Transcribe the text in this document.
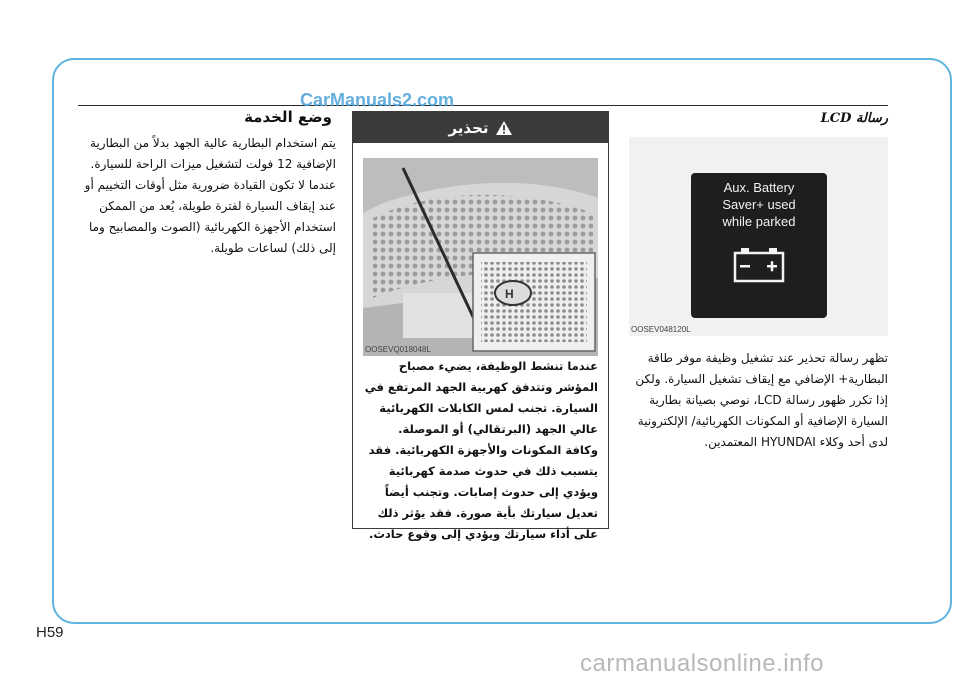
CarManuals2.com
وضع الخدمة

يتم استخدام البطارية عالية الجهد بدلاً من البطارية الإضافية 12 فولت لتشغيل ميزات الراحة للسيارة. عندما لا تكون القيادة ضرورية مثل أوقات التخييم أو عند إيقاف السيارة لفترة طويلة، يُعد من الممكن استخدام الأجهزة الكهربائية (الصوت والمصابيح وما إلى ذلك) لساعات طويلة.

تحذير
H
OOSEVQ018048L

عندما تنشط الوظيفة، يضيء مصباح المؤشر وتتدفق كهربية الجهد المرتفع في السيارة. تجنب لمس الكابلات الكهربائية عالي الجهد (البرتقالي) أو الموصلة. وكافة المكونات والأجهزة الكهربائية. فقد يتسبب ذلك في حدوث صدمة كهربائية ويؤدي إلى حدوث إصابات. وتجنب أيضاً تعديل سيارتك بأية صورة. فقد يؤثر ذلك على أداء سيارتك ويؤدي إلى وقوع حادث.

رسالة LCD
Aux. Battery
Saver+ used
while parked
OOSEV048120L

تظهر رسالة تحذير عند تشغيل وظيفة موفر طاقة البطارية+ الإضافي مع إيقاف تشغيل السيارة. ولكن إذا تكرر ظهور رسالة LCD، نوصي بصيانة بطارية السيارة الإضافية أو المكونات الكهربائية/ الإلكترونية لدى أحد وكلاء HYUNDAI المعتمدين.

H59
carmanualsonline.info
